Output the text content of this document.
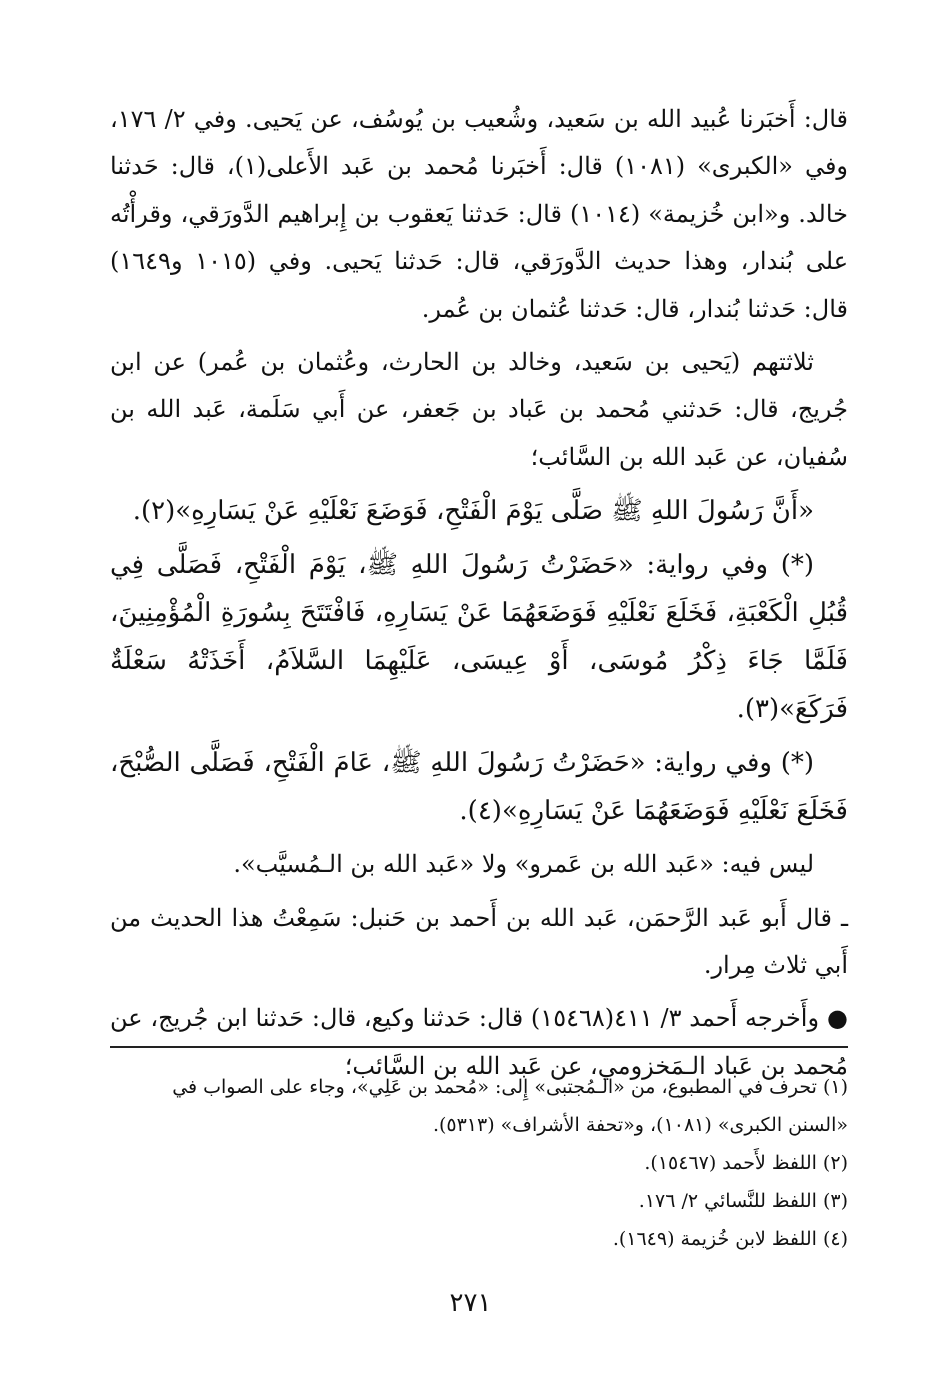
قال: أَخبَرنا عُبيد الله بن سَعيد، وشُعيب بن يُوسُف، عن يَحيى. وفي ٢/ ١٧٦، وفي «الكبرى» (١٠٨١) قال: أَخبَرنا مُحمد بن عَبد الأَعلى(١)، قال: حَدثنا خالد. و«ابن خُزيمة» (١٠١٤) قال: حَدثنا يَعقوب بن إِبراهيم الدَّورَقي، وقرأْتُه على بُندار، وهذا حديث الدَّورَقي، قال: حَدثنا يَحيى. وفي (١٠١٥ و١٦٤٩) قال: حَدثنا بُندار، قال: حَدثنا عُثمان بن عُمر.

ثلاثتهم (يَحيى بن سَعيد، وخالد بن الحارث، وعُثمان بن عُمر) عن ابن جُريج، قال: حَدثني مُحمد بن عَباد بن جَعفر، عن أَبي سَلَمة، عَبد الله بن سُفيان، عن عَبد الله بن السَّائب؛

«أَنَّ رَسُولَ اللهِ ﷺ صَلَّى يَوْمَ الْفَتْحِ، فَوَضَعَ نَعْلَيْهِ عَنْ يَسَارِهِ»(٢).

(*) وفي رواية: «حَضَرْتُ رَسُولَ اللهِ ﷺ، يَوْمَ الْفَتْحِ، فَصَلَّى فِي قُبُلِ الْكَعْبَةِ، فَخَلَعَ نَعْلَيْهِ فَوَضَعَهُمَا عَنْ يَسَارِهِ، فَافْتَتَحَ بِسُورَةِ الْمُؤْمِنِينَ، فَلَمَّا جَاءَ ذِكْرُ مُوسَى، أَوْ عِيسَى، عَلَيْهِمَا السَّلاَمُ، أَخَذَتْهُ سَعْلَةٌ فَرَكَعَ»(٣).

(*) وفي رواية: «حَضَرْتُ رَسُولَ اللهِ ﷺ، عَامَ الْفَتْحِ، فَصَلَّى الصُّبْحَ، فَخَلَعَ نَعْلَيْهِ فَوَضَعَهُمَا عَنْ يَسَارِهِ»(٤).

ليس فيه: «عَبد الله بن عَمرو» ولا «عَبد الله بن الـمُسيَّب».

ـ قال أَبو عَبد الرَّحمَن، عَبد الله بن أَحمد بن حَنبل: سَمِعْتُ هذا الحديث من أَبي ثلاث مِرار.

●وأَخرجه أَحمد ٣/ ٤١١(١٥٤٦٨) قال: حَدثنا وكيع، قال: حَدثنا ابن جُريج، عن مُحمد بن عَباد الـمَخزومي، عن عَبد الله بن السَّائب؛

(١) تحرف في المطبوع، من «الـمُجتبى» إِلى: «مُحمد بن عَلِي»، وجاء على الصواب في «السنن الكبرى» (١٠٨١)، و«تحفة الأشراف» (٥٣١٣).

(٢) اللفظ لأَحمد (١٥٤٦٧).

(٣) اللفظ للنَّسائي ٢/ ١٧٦.

(٤) اللفظ لابن خُزيمة (١٦٤٩).

٢٧١
